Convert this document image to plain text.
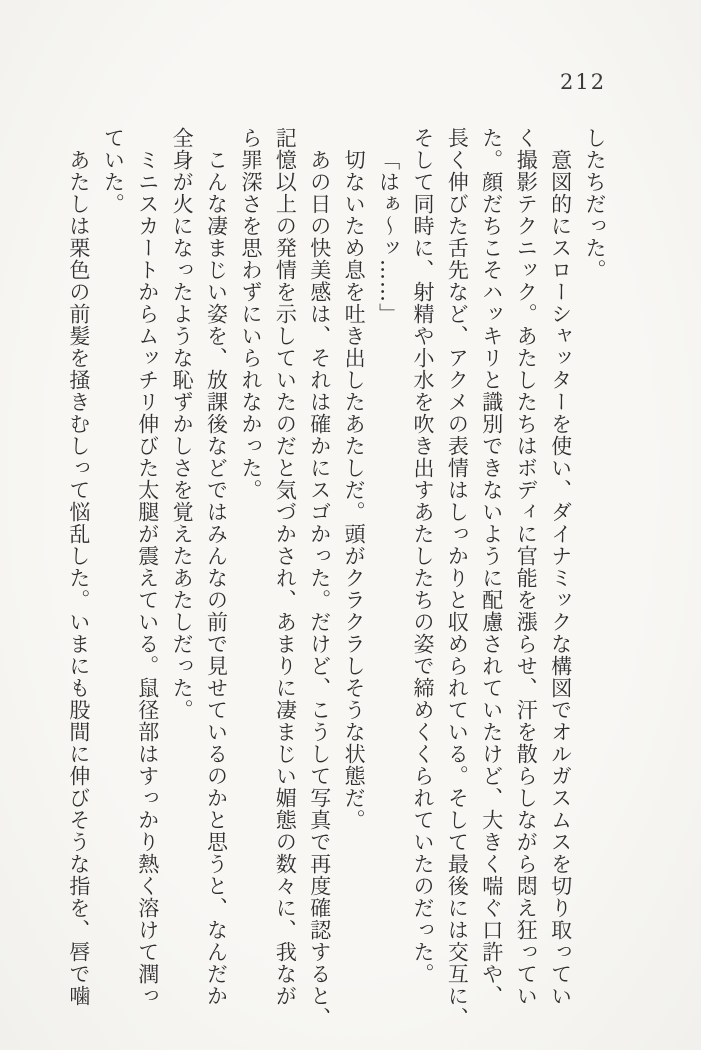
212
したちだった。
意図的にスローシャッターを使い、ダイナミックな構図でオルガスムスを切り取ってい
く撮影テクニック。あたしたちはボディに官能を漲らせ、汗を散らしながら悶え狂ってい
た。顔だちこそハッキリと識別できないように配慮されていたけど、大きく喘ぐ口許や、
長く伸びた舌先など、アクメの表情はしっかりと収められている。そして最後には交互に、
そして同時に、射精や小水を吹き出すあたしたちの姿で締めくくられていたのだった。
「はぁ〜ッ……」
切ないため息を吐き出したあたしだ。頭がクラクラしそうな状態だ。
あの日の快美感は、それは確かにスゴかった。だけど、こうして写真で再度確認すると、
記憶以上の発情を示していたのだと気づかされ、あまりに凄まじい媚態の数々に、我なが
ら罪深さを思わずにいられなかった。
こんな凄まじい姿を、放課後などではみんなの前で見せているのかと思うと、なんだか
全身が火になったような恥ずかしさを覚えたあたしだった。
ミニスカートからムッチリ伸びた太腿が震えている。鼠径部はすっかり熱く溶けて潤っ
ていた。
あたしは栗色の前髪を掻きむしって悩乱した。いまにも股間に伸びそうな指を、唇で噛
